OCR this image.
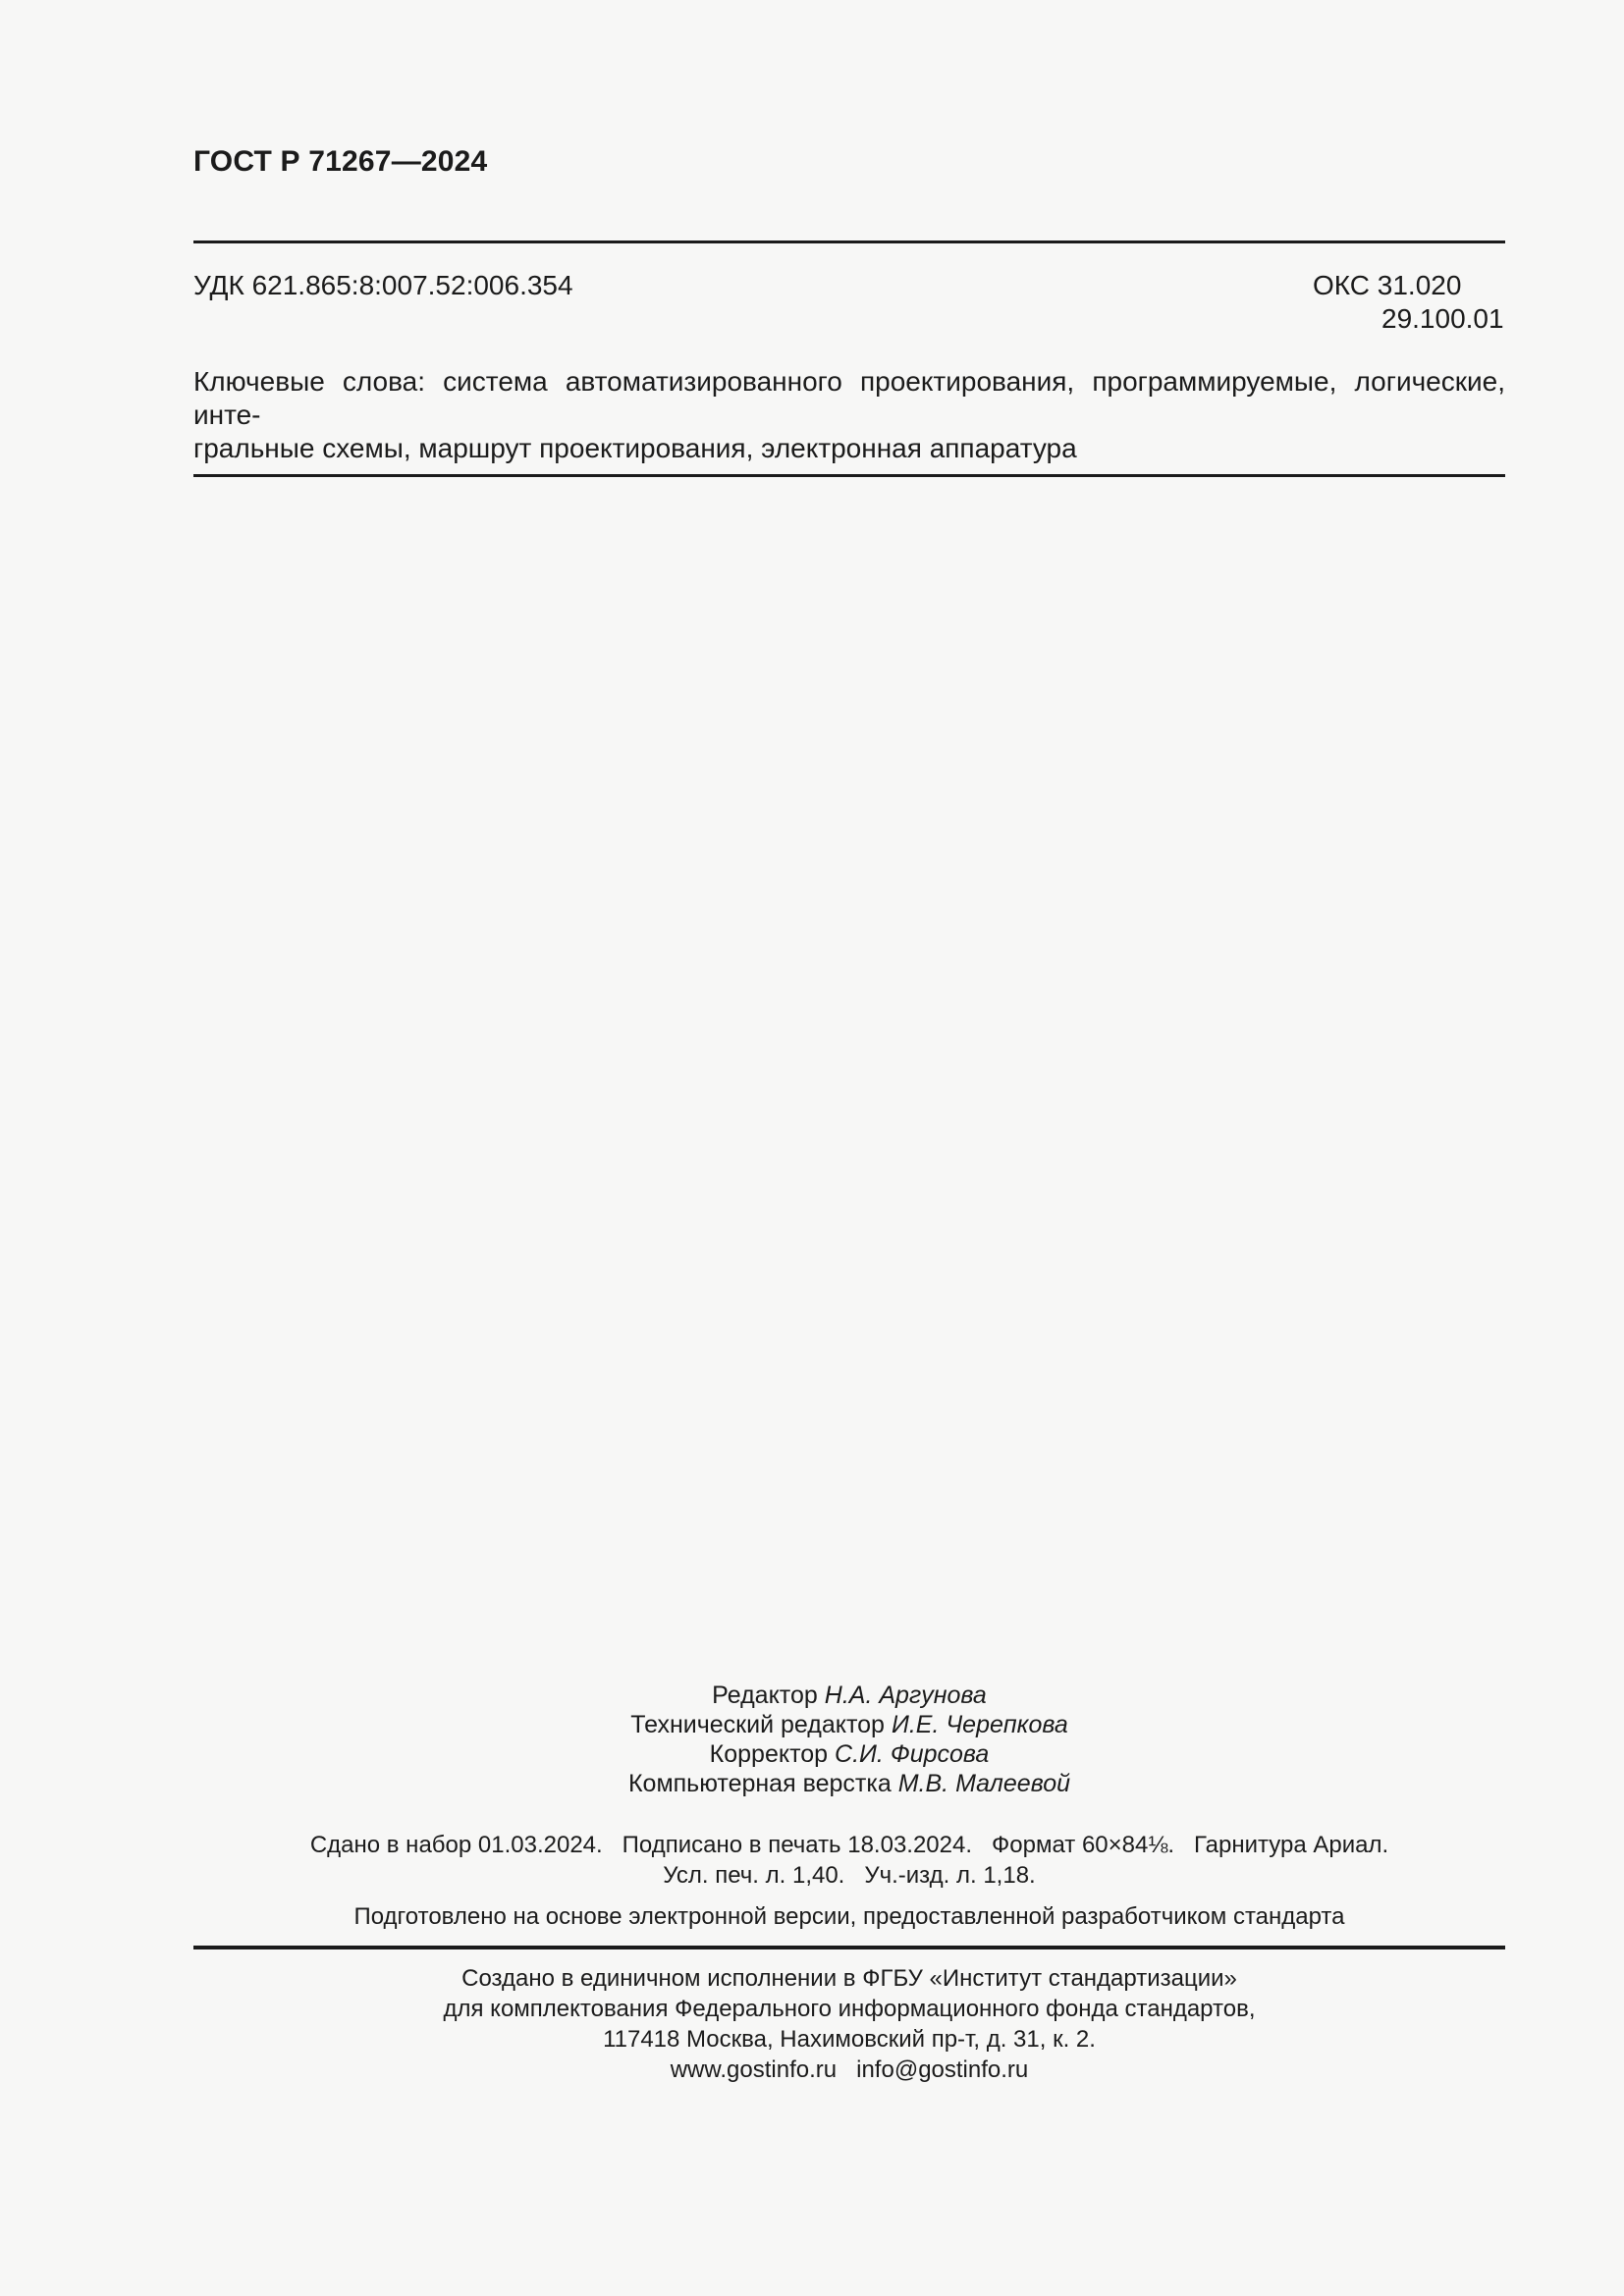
ГОСТ Р 71267—2024
УДК 621.865:8:007.52:006.354	ОКС 31.020
29.100.01
Ключевые слова: система автоматизированного проектирования, программируемые, логические, инте-
гральные схемы, маршрут проектирования, электронная аппаратура
Редактор Н.А. Аргунова
Технический редактор И.Е. Черепкова
Корректор С.И. Фирсова
Компьютерная верстка М.В. Малеевой
Сдано в набор 01.03.2024.   Подписано в печать 18.03.2024.   Формат 60×84⅛.   Гарнитура Ариал.
Усл. печ. л. 1,40.   Уч.-изд. л. 1,18.
Подготовлено на основе электронной версии, предоставленной разработчиком стандарта
Создано в единичном исполнении в ФГБУ «Институт стандартизации»
для комплектования Федерального информационного фонда стандартов,
117418 Москва, Нахимовский пр-т, д. 31, к. 2.
www.gostinfo.ru   info@gostinfo.ru
